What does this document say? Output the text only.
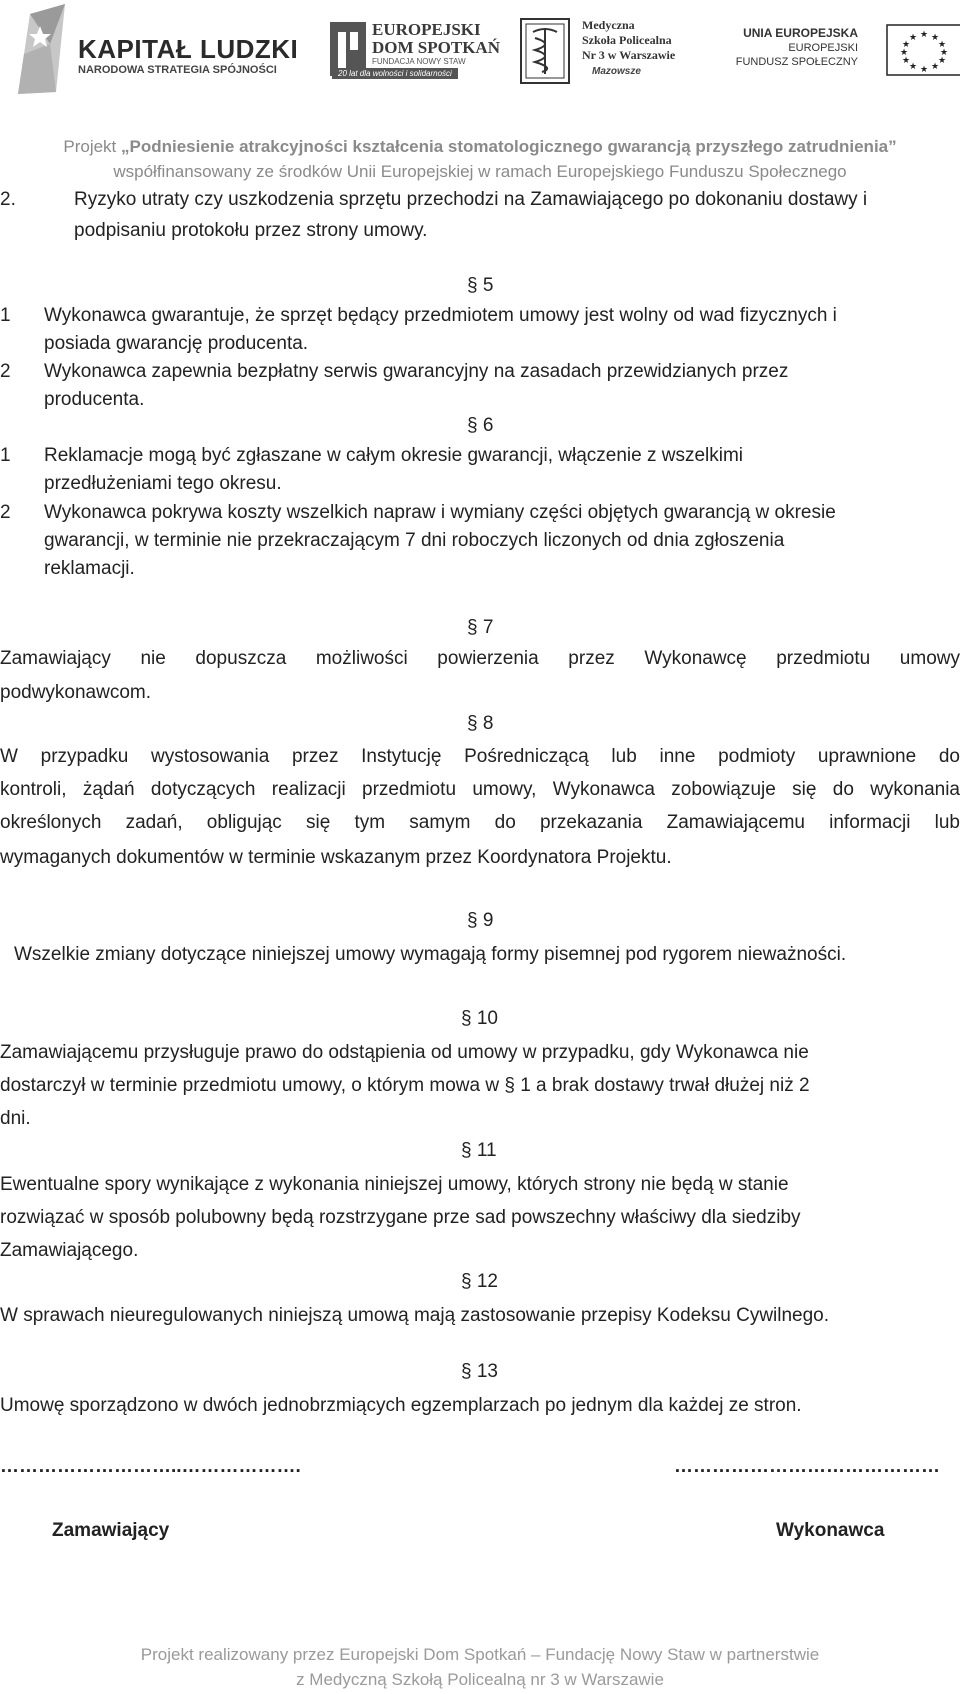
KAPITAŁ LUDZKI
NARODOWA STRATEGIA SPÓJNOŚCI
EUROPEJSKI
DOM SPOTKAŃ
FUNDACJA NOWY STAW
20 lat dla wolności i solidarności
Medyczna
Szkoła Policealna
Nr 3 w Warszawie
Mazowsze
UNIA EUROPEJSKA
EUROPEJSKI
FUNDUSZ SPOŁECZNY
★ ★
★
★
★
★
★
★
★
★
★
★
Projekt „Podniesienie atrakcyjności kształcenia stomatologicznego gwarancją przyszłego zatrudnienia”
współfinansowany ze środków Unii Europejskiej w ramach Europejskiego Funduszu Społecznego
2.	Ryzyko utraty czy uszkodzenia sprzętu przechodzi na Zamawiającego po dokonaniu dostawy i
podpisaniu protokołu przez strony umowy.
§ 5
1 Wykonawca gwarantuje, że sprzęt będący przedmiotem umowy jest wolny od wad fizycznych i
posiada gwarancję producenta.
2 Wykonawca zapewnia bezpłatny serwis gwarancyjny na zasadach przewidzianych przez
producenta.
§ 6
1 Reklamacje mogą być zgłaszane w całym okresie gwarancji, włączenie z wszelkimi
przedłużeniami tego okresu.
2 Wykonawca pokrywa koszty wszelkich napraw i wymiany części objętych gwarancją w okresie
gwarancji, w terminie nie przekraczającym 7 dni roboczych liczonych od dnia zgłoszenia
reklamacji.
§ 7
Zamawiający nie dopuszcza możliwości powierzenia przez Wykonawcę przedmiotu umowy
podwykonawcom.
§ 8
W przypadku wystosowania przez Instytucję Pośredniczącą lub inne podmioty uprawnione do
kontroli, żądań dotyczących realizacji przedmiotu umowy, Wykonawca zobowiązuje się do wykonania
określonych zadań, obligując się tym samym do przekazania Zamawiającemu informacji lub
wymaganych dokumentów w terminie wskazanym przez Koordynatora Projektu.
§ 9
Wszelkie zmiany dotyczące niniejszej umowy wymagają formy pisemnej pod rygorem nieważności.
§ 10
Zamawiającemu przysługuje prawo do odstąpienia od umowy w przypadku, gdy Wykonawca nie
dostarczył w terminie przedmiotu umowy, o którym mowa w § 1 a brak dostawy trwał dłużej niż 2
dni.
§ 11
Ewentualne spory wynikające z wykonania niniejszej umowy, których strony nie będą w stanie
rozwiązać w sposób polubowny będą rozstrzygane prze sad powszechny właściwy dla siedziby
Zamawiającego.
§ 12
W sprawach nieuregulowanych niniejszą umową mają zastosowanie przepisy Kodeksu Cywilnego.
§ 13
Umowę sporządzono w dwóch jednobrzmiących egzemplarzach po jednym dla każdej ze stron.
………………………..……………….	……………………………………
Zamawiający	Wykonawca
Projekt realizowany przez Europejski Dom Spotkań – Fundację Nowy Staw w partnerstwie
z Medyczną Szkołą Policealną nr 3 w Warszawie
